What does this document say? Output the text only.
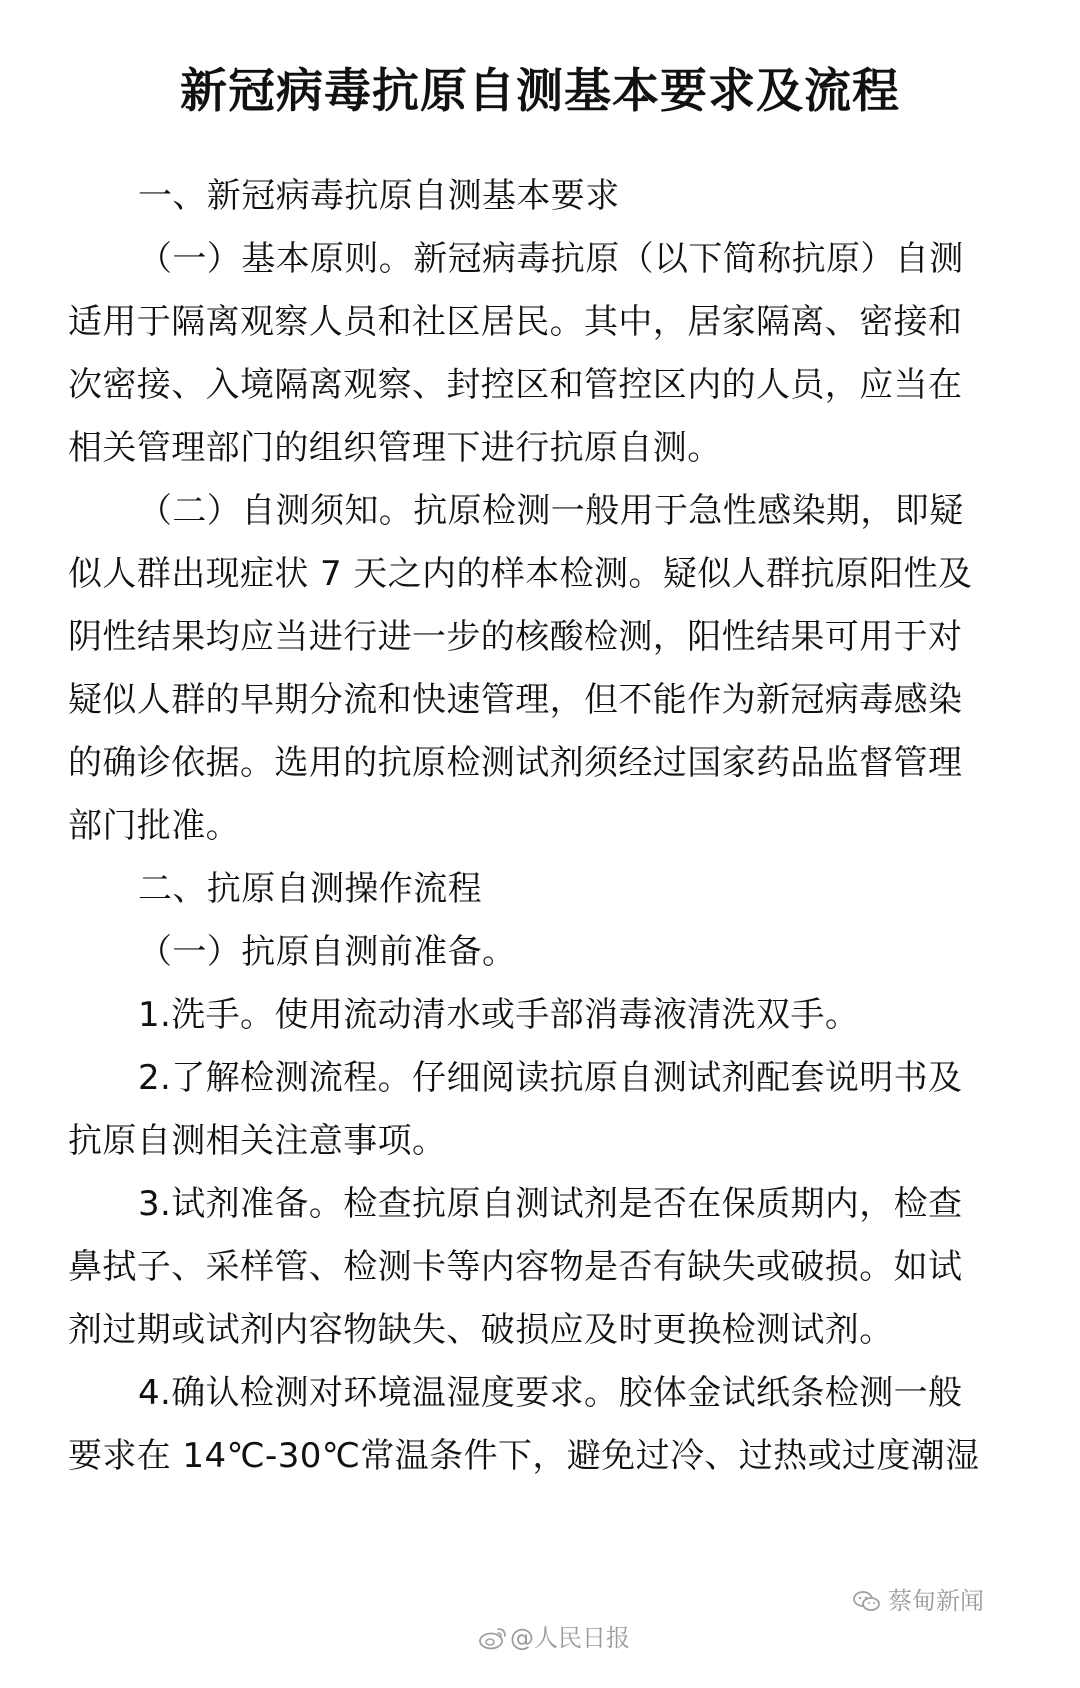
新冠病毒抗原自测基本要求及流程
一、新冠病毒抗原自测基本要求
（一）基本原则。新冠病毒抗原（以下简称抗原）自测
适用于隔离观察人员和社区居民。其中，居家隔离、密接和
次密接、入境隔离观察、封控区和管控区内的人员，应当在
相关管理部门的组织管理下进行抗原自测。
（二）自测须知。抗原检测一般用于急性感染期，即疑
似人群出现症状 7 天之内的样本检测。疑似人群抗原阳性及
阴性结果均应当进行进一步的核酸检测，阳性结果可用于对
疑似人群的早期分流和快速管理，但不能作为新冠病毒感染
的确诊依据。选用的抗原检测试剂须经过国家药品监督管理
部门批准。
二、抗原自测操作流程
（一）抗原自测前准备。
1.洗手。使用流动清水或手部消毒液清洗双手。
2.了解检测流程。仔细阅读抗原自测试剂配套说明书及
抗原自测相关注意事项。
3.试剂准备。检查抗原自测试剂是否在保质期内，检查
鼻拭子、采样管、检测卡等内容物是否有缺失或破损。如试
剂过期或试剂内容物缺失、破损应及时更换检测试剂。
4.确认检测对环境温湿度要求。胶体金试纸条检测一般
要求在 14℃-30℃常温条件下，避免过冷、过热或过度潮湿
@人民日报
蔡甸新闻
